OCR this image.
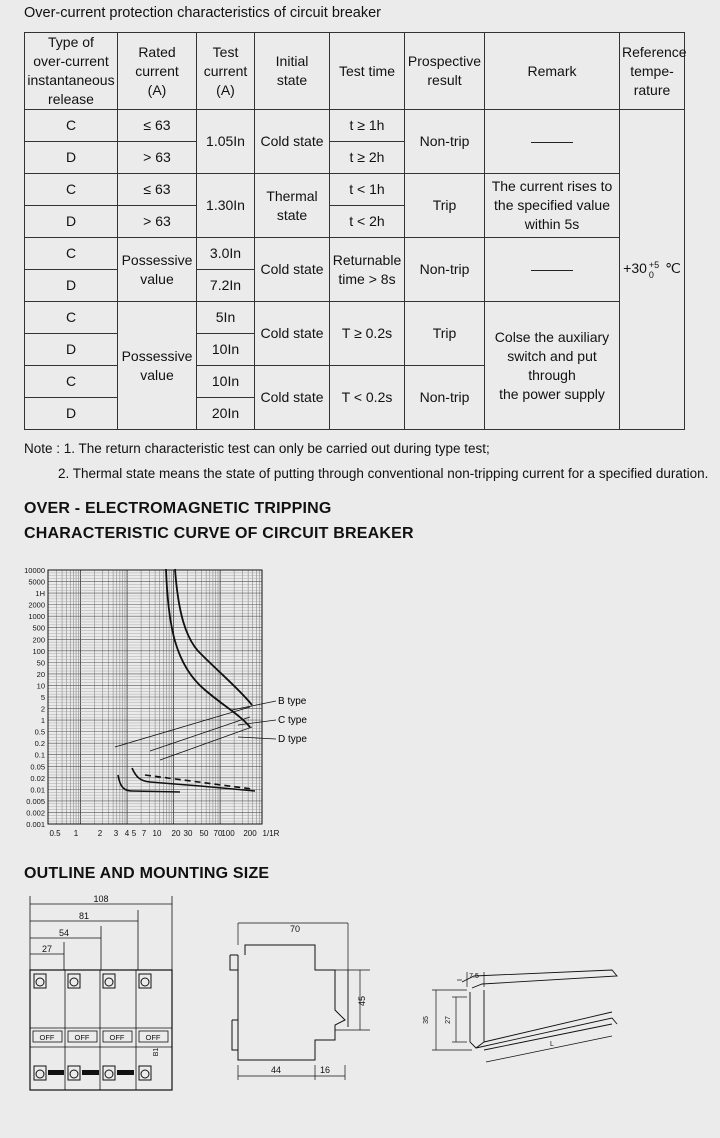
Over-current protection characteristics of circuit breaker
Type of
over-current
instantaneous
release	Rated
current
(A)	Test
current
(A)	Initial
state	Test time	Prospective
result	Remark	Reference
tempe-
rature
C	≤ 63	1.05In	Cold state	t ≥ 1h	Non-trip	———	+30 +5
0 ℃
D	> 63			t ≥ 2h			
C	≤ 63	1.30In	Thermal
state	t < 1h	Trip	The current rises to
the specified value
within 5s	
D	> 63			t < 2h			
C	Possessive
value	3.0In	Cold state	Returnable
time > 8s	Non-trip	———	
D		7.2In					
C	Possessive
value	5In	Cold state	T ≥ 0.2s	Trip	Colse the auxiliary
switch and put
through
the power supply	
D		10In					
C		10In	Cold state	T < 0.2s	Non-trip		
D		20In					
Note : 1. The return characteristic test can only be carried out during type test;
2. Thermal state means the state of putting through conventional non-tripping current for a specified duration.
OVER - ELECTROMAGNETIC TRIPPING
CHARACTERISTIC CURVE OF CIRCUIT BREAKER
10000
5000
1H
2000
1000
500
200
100
50
20
10
5
2
1
0.5
0.2
0.1
0.05
0.02
0.01
0.005
0.002
0.001
0.5 1 2 3 4 5 7 10 20 30 50 70
100 200 1/1R
B type
C type
D type
OUTLINE AND MOUNTING SIZE
108
81
54
27
OFF	OFF	OFF	OFF
B1
70
45
44	16
7.5
35 27
L
